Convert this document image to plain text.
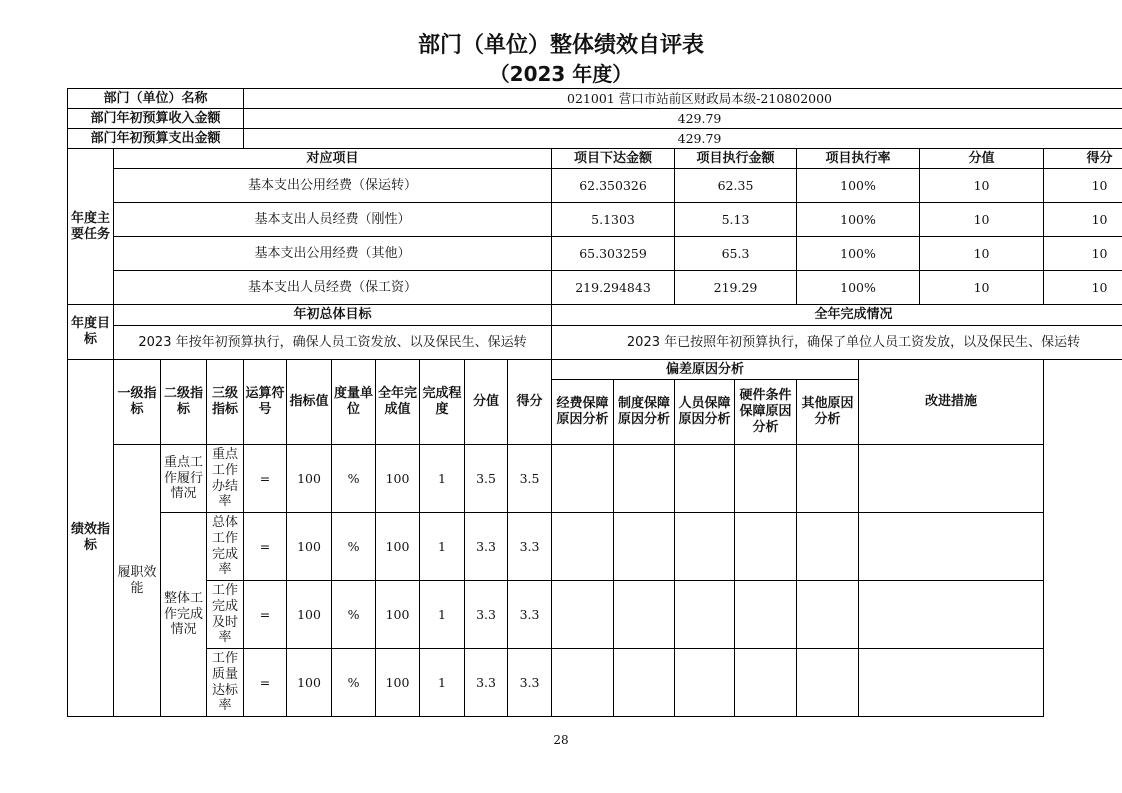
部门（单位）整体绩效自评表
（2023 年度）
部门（单位）名称				021001 营口市站前区财政局本级-210802000														
部门年初预算收入金额				429.79														
部门年初预算支出金额				429.79														
年度主要任务	对应项目										项目下达金额		项目执行金额		项目执行率		分值	得分
	基本支出公用经费（保运转）										62.350326		62.35		100%		10	10
	基本支出人员经费（刚性）										5.1303		5.13		100%		10	10
	基本支出公用经费（其他）										65.303259		65.3		100%		10	10
	基本支出人员经费（保工资）										219.294843		219.29		100%		10	10
年度目标	年初总体目标										全年完成情况							
	2023 年按年初预算执行，确保人员工资发放、以及保民生、保运转										2023 年已按照年初预算执行，确保了单位人员工资发放，以及保民生、保运转							
绩效指标	一级指标	二级指标	三级指标	运算符号	指标值	度量单位	全年完成值	完成程度	分值	得分	偏差原因分析					改进措施		
											经费保障原因分析	制度保障原因分析	人员保障原因分析	硬件条件保障原因分析	其他原因分析			
	履职效能	重点工作履行情况	重点工作办结率	=	100	%	100	1	3.5	3.5								
		整体工作完成情况	总体工作完成率	=	100	%	100	1	3.3	3.3								

			工作完成及时率	=	100	%	100	1	3.3	3.3								

			工作质量达标率	=	100	%	100	1	3.3	3.3								
28
